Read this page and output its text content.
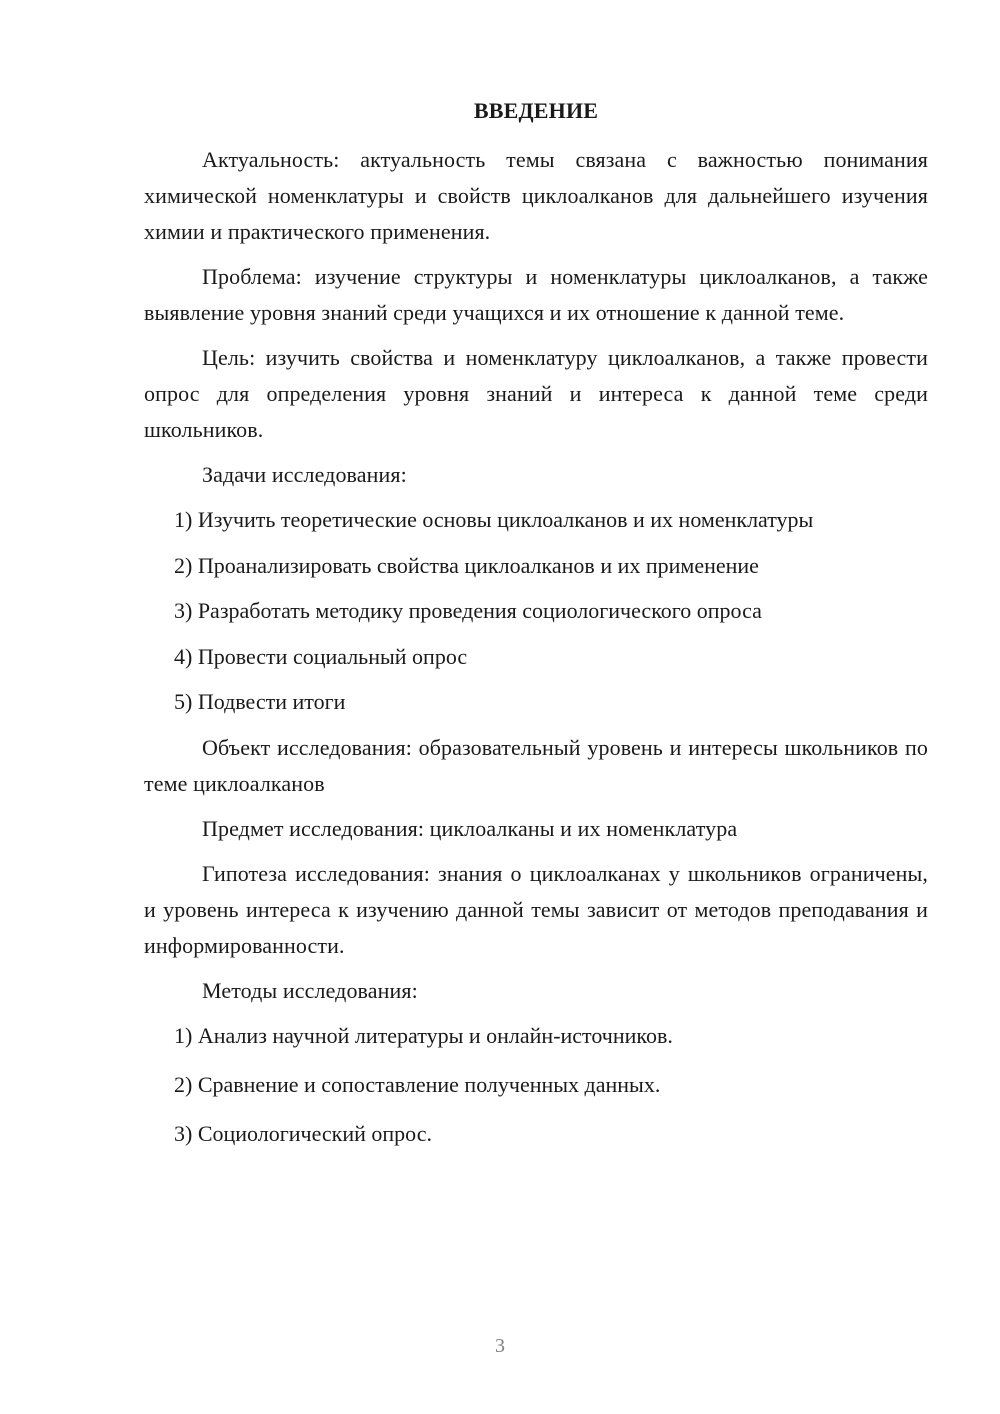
ВВЕДЕНИЕ

Актуальность: актуальность темы связана с важностью понимания химической номенклатуры и свойств циклоалканов для дальнейшего изучения химии и практического применения.

Проблема: изучение структуры и номенклатуры циклоалканов, а также выявление уровня знаний среди учащихся и их отношение к данной теме.

Цель: изучить свойства и номенклатуру циклоалканов, а также провести опрос для определения уровня знаний и интереса к данной теме среди школьников.

Задачи исследования:

1) Изучить теоретические основы циклоалканов и их номенклатуры
2) Проанализировать свойства циклоалканов и их применение
3) Разработать методику проведения социологического опроса
4) Провести социальный опрос
5) Подвести итоги

Объект исследования: образовательный уровень и интересы школьников по теме циклоалканов

Предмет исследования: циклоалканы и их номенклатура

Гипотеза исследования: знания о циклоалканах у школьников ограничены, и уровень интереса к изучению данной темы зависит от методов преподавания и информированности.

Методы исследования:

1) Анализ научной литературы и онлайн-источников.
2) Сравнение и сопоставление полученных данных.
3) Социологический опрос.
3
